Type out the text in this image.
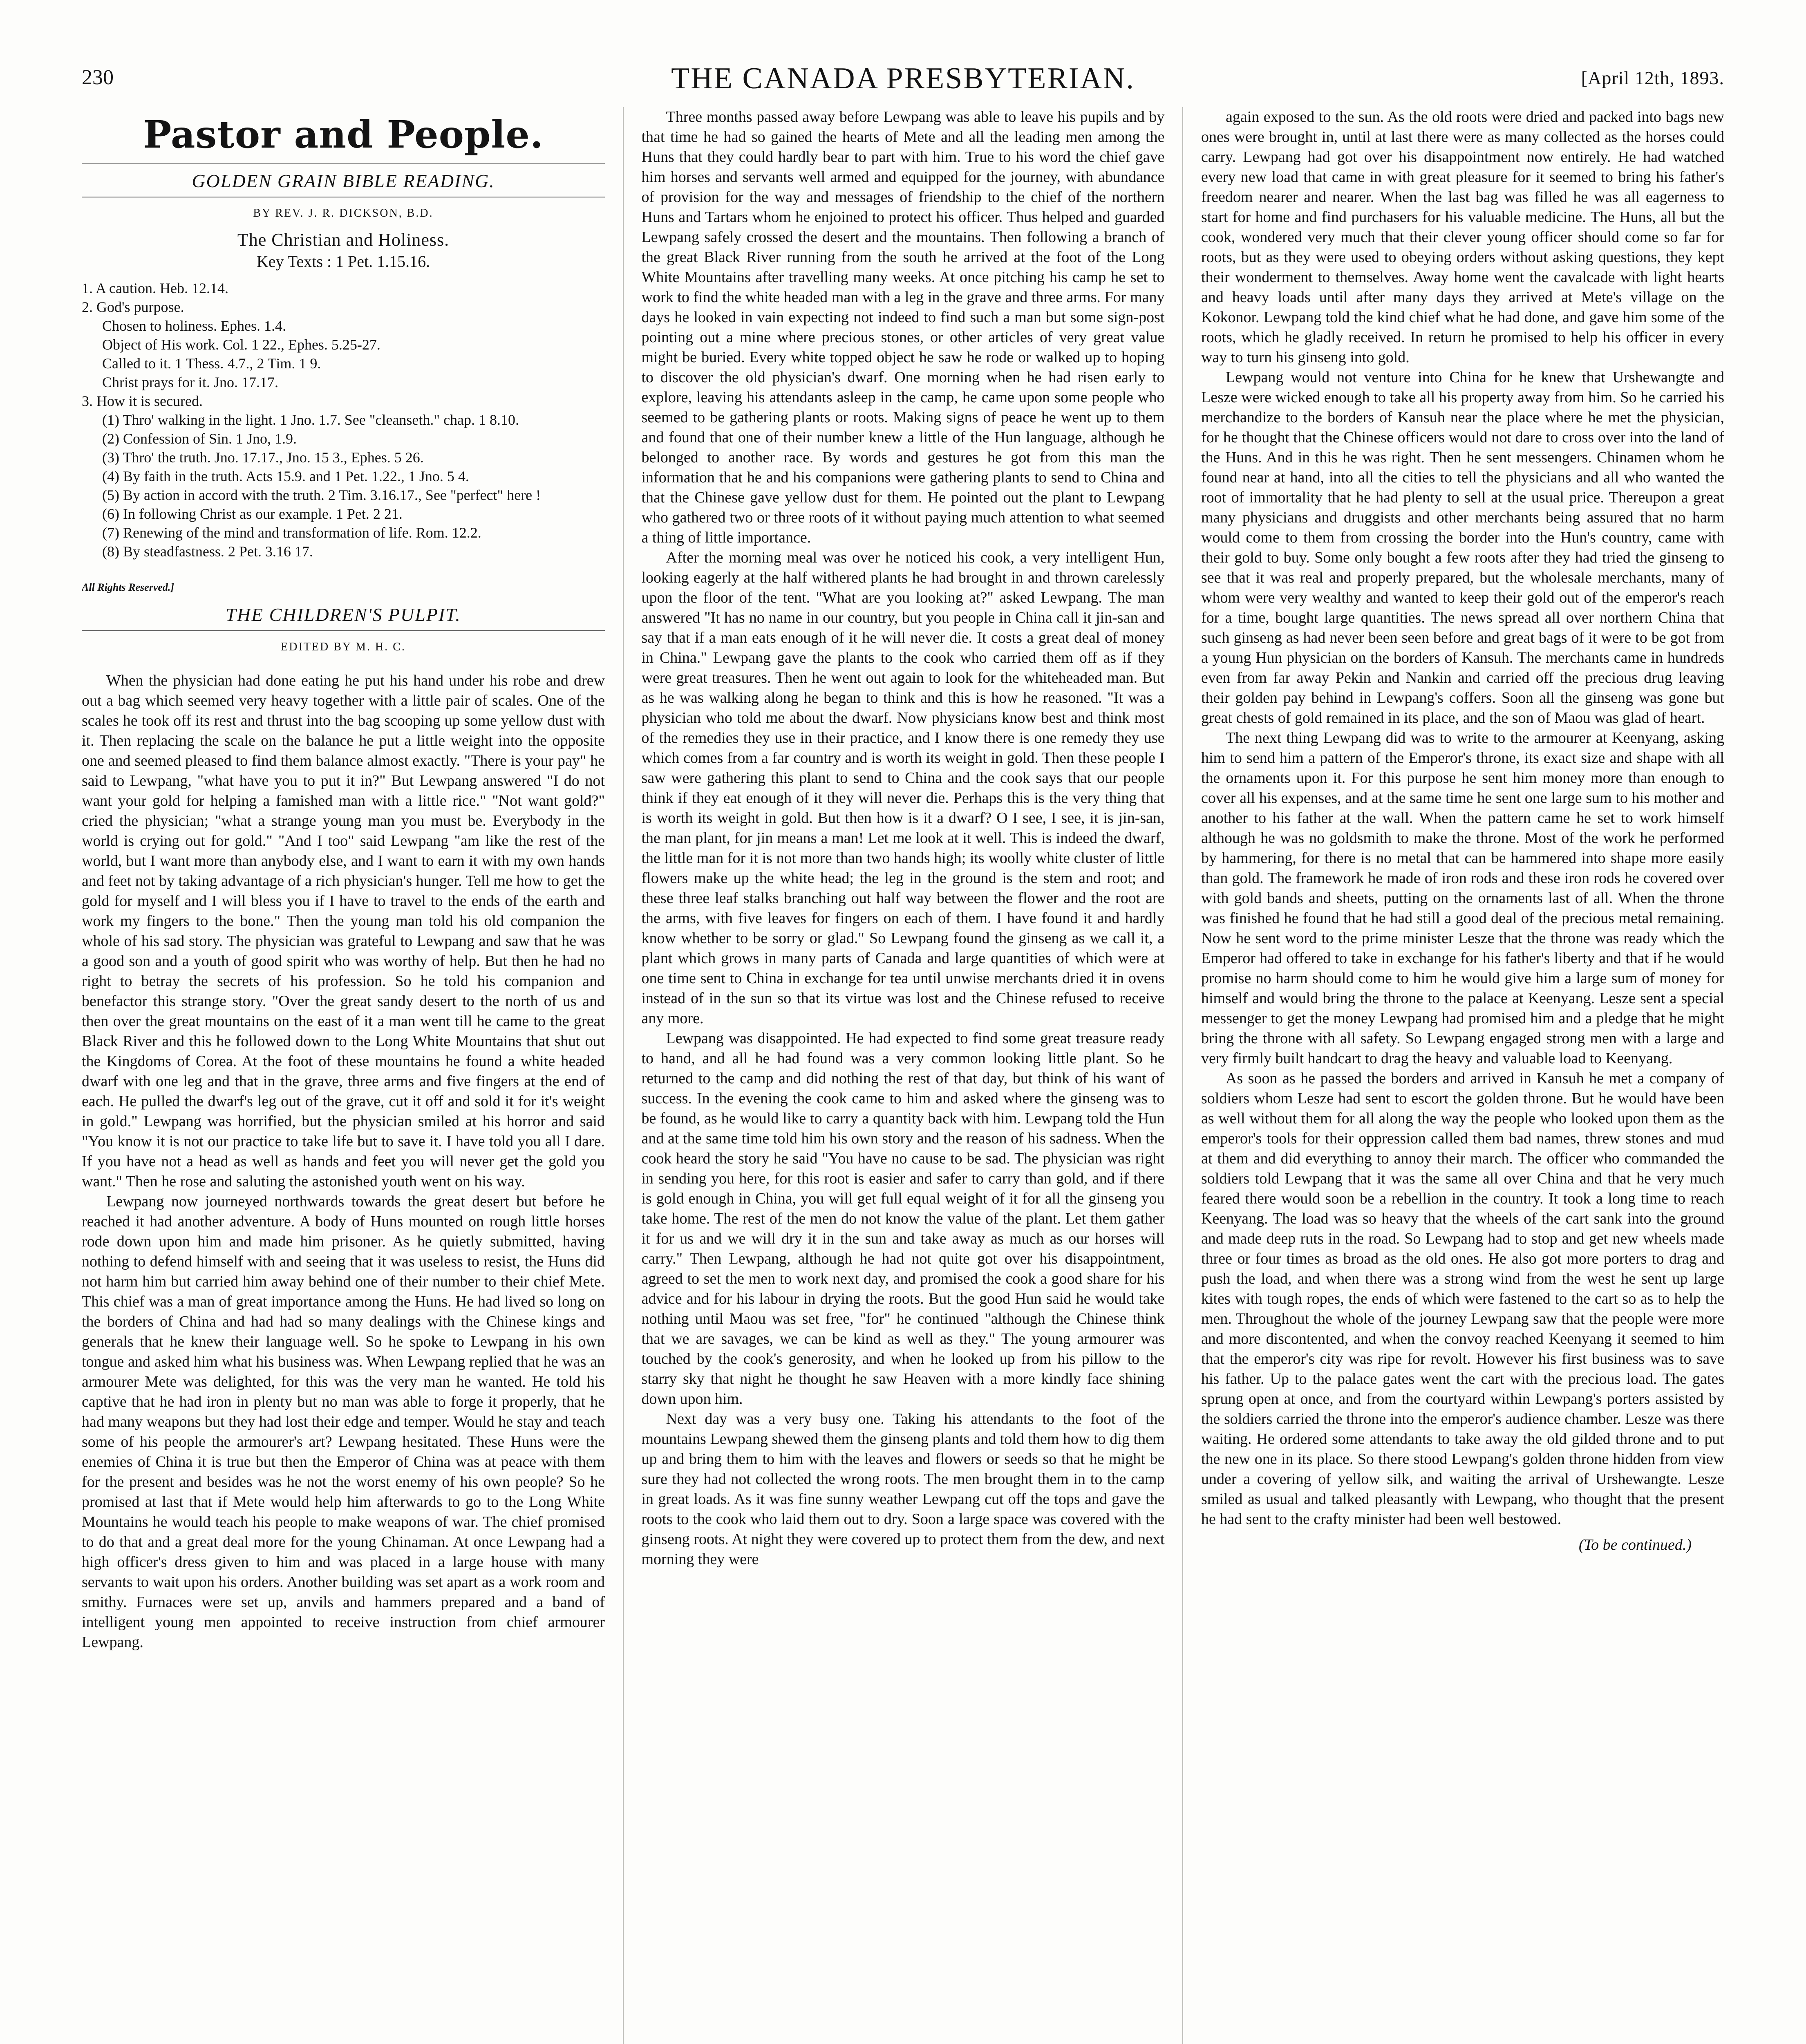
230	THE CANADA PRESBYTERIAN.	[April 12th, 1893.
Pastor and People.
GOLDEN GRAIN BIBLE READING.
BY REV. J. R. DICKSON, B.D.
The Christian and Holiness.
Key Texts : 1 Pet. 1.15.16.
1. A caution. Heb. 12.14.
2. God's purpose.
Chosen to holiness. Ephes. 1.4.
Object of His work. Col. 1 22., Ephes. 5.25-27.
Called to it. 1 Thess. 4.7., 2 Tim. 1 9.
Christ prays for it. Jno. 17.17.
3. How it is secured.
(1) Thro' walking in the light. 1 Jno. 1.7. See "cleanseth." chap. 1 8.10.
(2) Confession of Sin. 1 Jno, 1.9.
(3) Thro' the truth. Jno. 17.17., Jno. 15 3., Ephes. 5 26.
(4) By faith in the truth. Acts 15.9. and 1 Pet. 1.22., 1 Jno. 5 4.
(5) By action in accord with the truth. 2 Tim. 3.16.17., See "perfect" here !
(6) In following Christ as our example. 1 Pet. 2 21.
(7) Renewing of the mind and transformation of life. Rom. 12.2.
(8) By steadfastness. 2 Pet. 3.16 17.
All Rights Reserved.]
THE CHILDREN'S PULPIT.
EDITED BY M. H. C.

When the physician had done eating he put his hand under his robe and drew out a bag which seemed very heavy together with a little pair of scales. One of the scales he took off its rest and thrust into the bag scooping up some yellow dust with it. Then replacing the scale on the balance he put a little weight into the opposite one and seemed pleased to find them balance almost exactly. "There is your pay" he said to Lewpang, "what have you to put it in?" But Lewpang answered "I do not want your gold for helping a famished man with a little rice." "Not want gold?" cried the physician; "what a strange young man you must be. Everybody in the world is crying out for gold." "And I too" said Lewpang "am like the rest of the world, but I want more than anybody else, and I want to earn it with my own hands and feet not by taking advantage of a rich physician's hunger. Tell me how to get the gold for myself and I will bless you if I have to travel to the ends of the earth and work my fingers to the bone." Then the young man told his old companion the whole of his sad story. The physician was grateful to Lewpang and saw that he was a good son and a youth of good spirit who was worthy of help. But then he had no right to betray the secrets of his profession. So he told his companion and benefactor this strange story. "Over the great sandy desert to the north of us and then over the great mountains on the east of it a man went till he came to the great Black River and this he followed down to the Long White Mountains that shut out the Kingdoms of Corea. At the foot of these mountains he found a white headed dwarf with one leg and that in the grave, three arms and five fingers at the end of each. He pulled the dwarf's leg out of the grave, cut it off and sold it for it's weight in gold." Lewpang was horrified, but the physician smiled at his horror and said "You know it is not our practice to take life but to save it. I have told you all I dare. If you have not a head as well as hands and feet you will never get the gold you want." Then he rose and saluting the astonished youth went on his way.

Lewpang now journeyed northwards towards the great desert but before he reached it had another adventure. A body of Huns mounted on rough little horses rode down upon him and made him prisoner. As he quietly submitted, having nothing to defend himself with and seeing that it was useless to resist, the Huns did not harm him but carried him away behind one of their number to their chief Mete. This chief was a man of great importance among the Huns. He had lived so long on the borders of China and had had so many dealings with the Chinese kings and generals that he knew their language well. So he spoke to Lewpang in his own tongue and asked him what his business was. When Lewpang replied that he was an armourer Mete was delighted, for this was the very man he wanted. He told his captive that he had iron in plenty but no man was able to forge it properly, that he had many weapons but they had lost their edge and temper. Would he stay and teach some of his people the armourer's art? Lewpang hesitated. These Huns were the enemies of China it is true but then the Emperor of China was at peace with them for the present and besides was he not the worst enemy of his own people? So he promised at last that if Mete would help him afterwards to go to the Long White Mountains he would teach his people to make weapons of war. The chief promised to do that and a great deal more for the young Chinaman. At once Lewpang had a high officer's dress given to him and was placed in a large house with many servants to wait upon his orders. Another building was set apart as a work room and smithy. Furnaces were set up, anvils and hammers prepared and a band of intelligent young men appointed to receive instruction from chief armourer Lewpang.

Three months passed away before Lewpang was able to leave his pupils and by that time he had so gained the hearts of Mete and all the leading men among the Huns that they could hardly bear to part with him. True to his word the chief gave him horses and servants well armed and equipped for the journey, with abundance of provision for the way and messages of friendship to the chief of the northern Huns and Tartars whom he enjoined to protect his officer. Thus helped and guarded Lewpang safely crossed the desert and the mountains. Then following a branch of the great Black River running from the south he arrived at the foot of the Long White Mountains after travelling many weeks. At once pitching his camp he set to work to find the white headed man with a leg in the grave and three arms. For many days he looked in vain expecting not indeed to find such a man but some sign-post pointing out a mine where precious stones, or other articles of very great value might be buried. Every white topped object he saw he rode or walked up to hoping to discover the old physician's dwarf. One morning when he had risen early to explore, leaving his attendants asleep in the camp, he came upon some people who seemed to be gathering plants or roots. Making signs of peace he went up to them and found that one of their number knew a little of the Hun language, although he belonged to another race. By words and gestures he got from this man the information that he and his companions were gathering plants to send to China and that the Chinese gave yellow dust for them. He pointed out the plant to Lewpang who gathered two or three roots of it without paying much attention to what seemed a thing of little importance.

After the morning meal was over he noticed his cook, a very intelligent Hun, looking eagerly at the half withered plants he had brought in and thrown carelessly upon the floor of the tent. "What are you looking at?" asked Lewpang. The man answered "It has no name in our country, but you people in China call it jin-san and say that if a man eats enough of it he will never die. It costs a great deal of money in China." Lewpang gave the plants to the cook who carried them off as if they were great treasures. Then he went out again to look for the whiteheaded man. But as he was walking along he began to think and this is how he reasoned. "It was a physician who told me about the dwarf. Now physicians know best and think most of the remedies they use in their practice, and I know there is one remedy they use which comes from a far country and is worth its weight in gold. Then these people I saw were gathering this plant to send to China and the cook says that our people think if they eat enough of it they will never die. Perhaps this is the very thing that is worth its weight in gold. But then how is it a dwarf? O I see, I see, it is jin-san, the man plant, for jin means a man! Let me look at it well. This is indeed the dwarf, the little man for it is not more than two hands high; its woolly white cluster of little flowers make up the white head; the leg in the ground is the stem and root; and these three leaf stalks branching out half way between the flower and the root are the arms, with five leaves for fingers on each of them. I have found it and hardly know whether to be sorry or glad." So Lewpang found the ginseng as we call it, a plant which grows in many parts of Canada and large quantities of which were at one time sent to China in exchange for tea until unwise merchants dried it in ovens instead of in the sun so that its virtue was lost and the Chinese refused to receive any more.

Lewpang was disappointed. He had expected to find some great treasure ready to hand, and all he had found was a very common looking little plant. So he returned to the camp and did nothing the rest of that day, but think of his want of success. In the evening the cook came to him and asked where the ginseng was to be found, as he would like to carry a quantity back with him. Lewpang told the Hun and at the same time told him his own story and the reason of his sadness. When the cook heard the story he said "You have no cause to be sad. The physician was right in sending you here, for this root is easier and safer to carry than gold, and if there is gold enough in China, you will get full equal weight of it for all the ginseng you take home. The rest of the men do not know the value of the plant. Let them gather it for us and we will dry it in the sun and take away as much as our horses will carry." Then Lewpang, although he had not quite got over his disappointment, agreed to set the men to work next day, and promised the cook a good share for his advice and for his labour in drying the roots. But the good Hun said he would take nothing until Maou was set free, "for" he continued "although the Chinese think that we are savages, we can be kind as well as they." The young armourer was touched by the cook's generosity, and when he looked up from his pillow to the starry sky that night he thought he saw Heaven with a more kindly face shining down upon him.

Next day was a very busy one. Taking his attendants to the foot of the mountains Lewpang shewed them the ginseng plants and told them how to dig them up and bring them to him with the leaves and flowers or seeds so that he might be sure they had not collected the wrong roots. The men brought them in to the camp in great loads. As it was fine sunny weather Lewpang cut off the tops and gave the roots to the cook who laid them out to dry. Soon a large space was covered with the ginseng roots. At night they were covered up to protect them from the dew, and next morning they were

again exposed to the sun. As the old roots were dried and packed into bags new ones were brought in, until at last there were as many collected as the horses could carry. Lewpang had got over his disappointment now entirely. He had watched every new load that came in with great pleasure for it seemed to bring his father's freedom nearer and nearer. When the last bag was filled he was all eagerness to start for home and find purchasers for his valuable medicine. The Huns, all but the cook, wondered very much that their clever young officer should come so far for roots, but as they were used to obeying orders without asking questions, they kept their wonderment to themselves. Away home went the cavalcade with light hearts and heavy loads until after many days they arrived at Mete's village on the Kokonor. Lewpang told the kind chief what he had done, and gave him some of the roots, which he gladly received. In return he promised to help his officer in every way to turn his ginseng into gold.

Lewpang would not venture into China for he knew that Urshewangte and Lesze were wicked enough to take all his property away from him. So he carried his merchandize to the borders of Kansuh near the place where he met the physician, for he thought that the Chinese officers would not dare to cross over into the land of the Huns. And in this he was right. Then he sent messengers. Chinamen whom he found near at hand, into all the cities to tell the physicians and all who wanted the root of immortality that he had plenty to sell at the usual price. Thereupon a great many physicians and druggists and other merchants being assured that no harm would come to them from crossing the border into the Hun's country, came with their gold to buy. Some only bought a few roots after they had tried the ginseng to see that it was real and properly prepared, but the wholesale merchants, many of whom were very wealthy and wanted to keep their gold out of the emperor's reach for a time, bought large quantities. The news spread all over northern China that such ginseng as had never been seen before and great bags of it were to be got from a young Hun physician on the borders of Kansuh. The merchants came in hundreds even from far away Pekin and Nankin and carried off the precious drug leaving their golden pay behind in Lewpang's coffers. Soon all the ginseng was gone but great chests of gold remained in its place, and the son of Maou was glad of heart.

The next thing Lewpang did was to write to the armourer at Keenyang, asking him to send him a pattern of the Emperor's throne, its exact size and shape with all the ornaments upon it. For this purpose he sent him money more than enough to cover all his expenses, and at the same time he sent one large sum to his mother and another to his father at the wall. When the pattern came he set to work himself although he was no goldsmith to make the throne. Most of the work he performed by hammering, for there is no metal that can be hammered into shape more easily than gold. The framework he made of iron rods and these iron rods he covered over with gold bands and sheets, putting on the ornaments last of all. When the throne was finished he found that he had still a good deal of the precious metal remaining. Now he sent word to the prime minister Lesze that the throne was ready which the Emperor had offered to take in exchange for his father's liberty and that if he would promise no harm should come to him he would give him a large sum of money for himself and would bring the throne to the palace at Keenyang. Lesze sent a special messenger to get the money Lewpang had promised him and a pledge that he might bring the throne with all safety. So Lewpang engaged strong men with a large and very firmly built handcart to drag the heavy and valuable load to Keenyang.

As soon as he passed the borders and arrived in Kansuh he met a company of soldiers whom Lesze had sent to escort the golden throne. But he would have been as well without them for all along the way the people who looked upon them as the emperor's tools for their oppression called them bad names, threw stones and mud at them and did everything to annoy their march. The officer who commanded the soldiers told Lewpang that it was the same all over China and that he very much feared there would soon be a rebellion in the country. It took a long time to reach Keenyang. The load was so heavy that the wheels of the cart sank into the ground and made deep ruts in the road. So Lewpang had to stop and get new wheels made three or four times as broad as the old ones. He also got more porters to drag and push the load, and when there was a strong wind from the west he sent up large kites with tough ropes, the ends of which were fastened to the cart so as to help the men. Throughout the whole of the journey Lewpang saw that the people were more and more discontented, and when the convoy reached Keenyang it seemed to him that the emperor's city was ripe for revolt. However his first business was to save his father. Up to the palace gates went the cart with the precious load. The gates sprung open at once, and from the courtyard within Lewpang's porters assisted by the soldiers carried the throne into the emperor's audience chamber. Lesze was there waiting. He ordered some attendants to take away the old gilded throne and to put the new one in its place. So there stood Lewpang's golden throne hidden from view under a covering of yellow silk, and waiting the arrival of Urshewangte. Lesze smiled as usual and talked pleasantly with Lewpang, who thought that the present he had sent to the crafty minister had been well bestowed.

(To be continued.)
